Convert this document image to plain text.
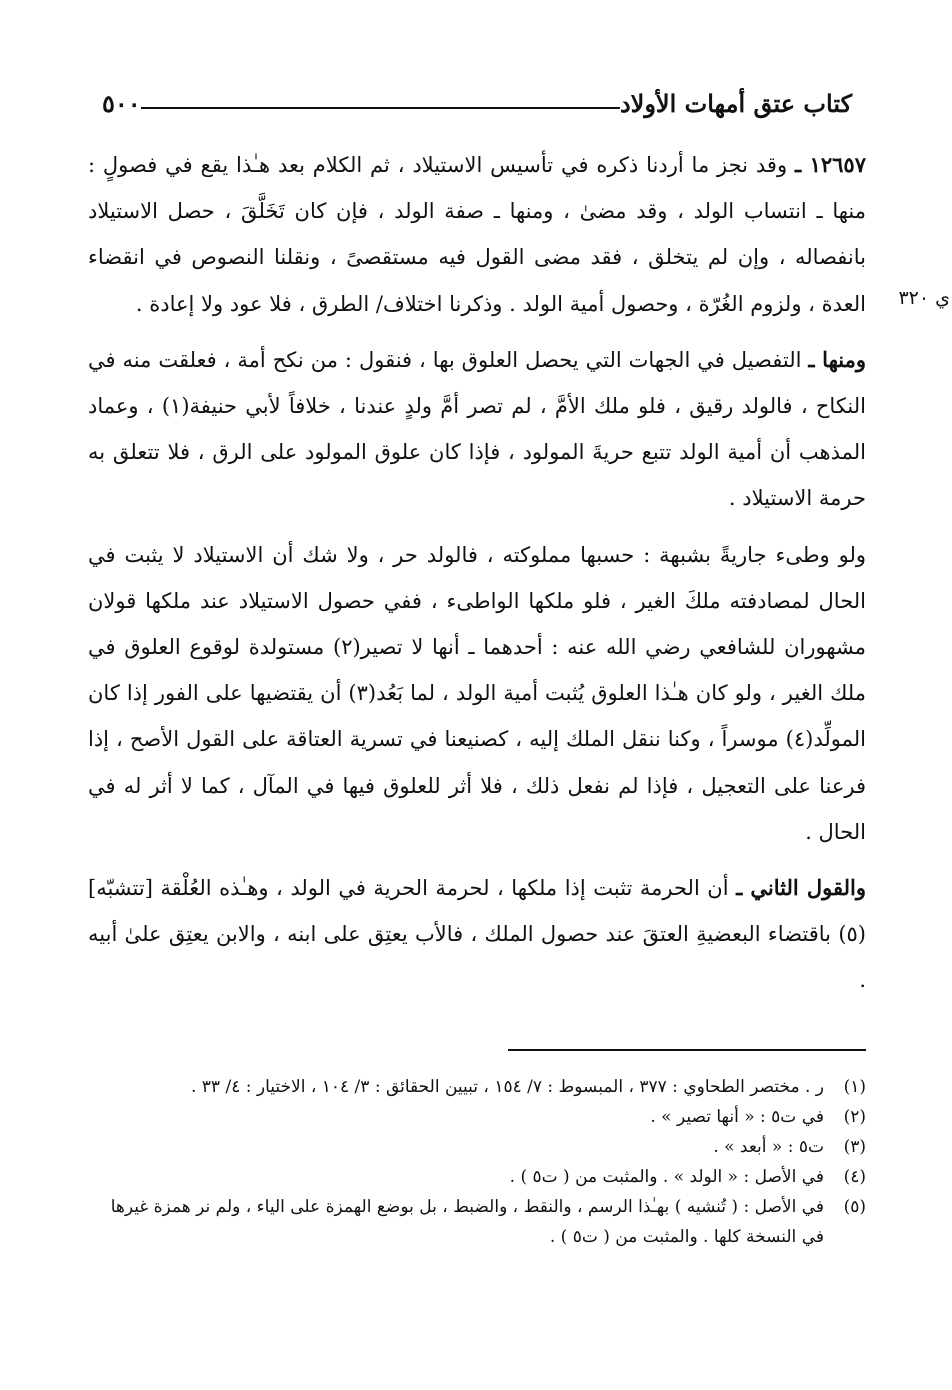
كتاب عتق أمهات الأولاد
٥٠٠
ي ٣٢٠

١٢٦٥٧ ـ وقد نجز ما أردنا ذكره في تأسيس الاستيلاد ، ثم الكلام بعد هـٰذا يقع في فصولٍ : منها ـ انتساب الولد ، وقد مضىٰ ، ومنها ـ صفة الولد ، فإن كان تَخَلَّقَ ، حصل الاستيلاد بانفصاله ، وإن لم يتخلق ، فقد مضى القول فيه مستقصىً ، ونقلنا النصوص في انقضاء العدة ، ولزوم الغُرّة ، وحصول أمية الولد . وذكرنا اختلاف/ الطرق ، فلا عود ولا إعادة .

ومنها ـ التفصيل في الجهات التي يحصل العلوق بها ، فنقول : من نكح أمة ، فعلقت منه في النكاح ، فالولد رقيق ، فلو ملك الأمَّ ، لم تصر أمَّ ولدٍ عندنا ، خلافاً لأبي حنيفة(١) ، وعماد المذهب أن أمية الولد تتبع حريةَ المولود ، فإذا كان علوق المولود على الرق ، فلا تتعلق به حرمة الاستيلاد .

ولو وطىء جاريةً بشبهة : حسبها مملوكته ، فالولد حر ، ولا شك أن الاستيلاد لا يثبت في الحال لمصادفته ملكَ الغير ، فلو ملكها الواطىء ، ففي حصول الاستيلاد عند ملكها قولان مشهوران للشافعي رضي الله عنه : أحدهما ـ أنها لا تصير(٢) مستولدة لوقوع العلوق في ملك الغير ، ولو كان هـٰذا العلوق يُثبت أمية الولد ، لما بَعُد(٣) أن يقتضيها على الفور إذا كان المولِّد(٤) موسراً ، وكنا ننقل الملك إليه ، كصنيعنا في تسرية العتاقة على القول الأصح ، إذا فرعنا على التعجيل ، فإذا لم نفعل ذلك ، فلا أثر للعلوق فيها في المآل ، كما لا أثر له في الحال .

والقول الثاني ـ أن الحرمة تثبت إذا ملكها ، لحرمة الحرية في الولد ، وهـٰذه العُلْقة [تتشبّه](٥) باقتضاء البعضيةِ العتقَ عند حصول الملك ، فالأب يعتِق على ابنه ، والابن يعتِق علىٰ أبيه .

(١)
ر . مختصر الطحاوي : ٣٧٧ ، المبسوط : ٧/ ١٥٤ ، تبيين الحقائق : ٣/ ١٠٤ ، الاختيار : ٤/ ٣٣ .
(٢)
في ت٥ : « أنها تصير » .
(٣)
ت٥ : « أبعد » .
(٤)
في الأصل : « الولد » . والمثبت من ( ت٥ ) .
(٥)
في الأصل : ( تُنشيه ) بهـٰذا الرسم ، والنقط ، والضبط ، بل بوضع الهمزة على الياء ، ولم نر همزة غيرها في النسخة كلها . والمثبت من ( ت٥ ) .
